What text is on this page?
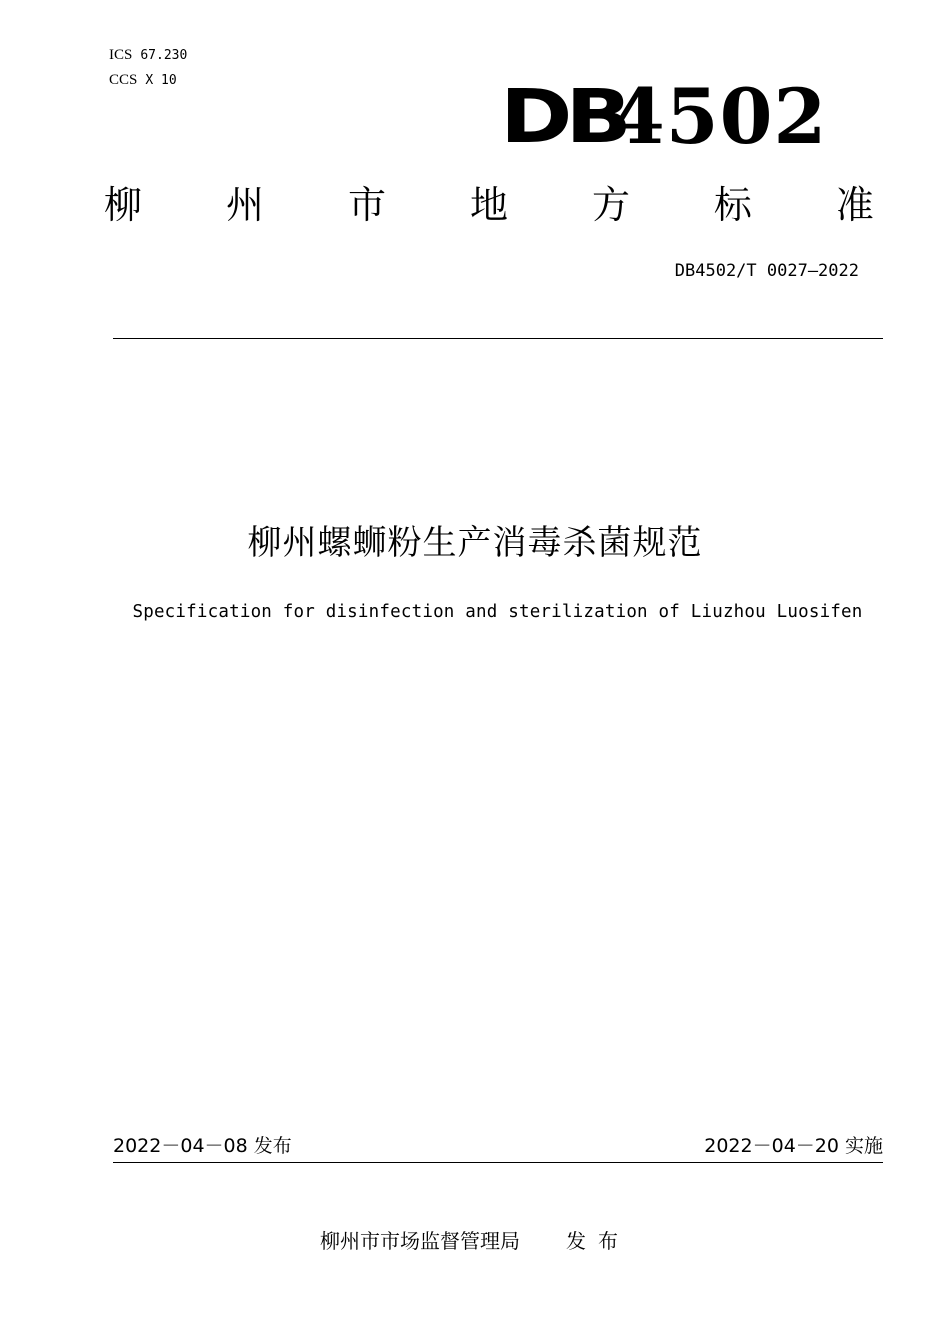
ICS 67.230
CCS X 10	DB4502
柳 州 市 地 方 标 准
DB4502/T 0027—2022
柳州螺蛳粉生产消毒杀菌规范
Specification for disinfection and sterilization of Liuzhou Luosifen
2022－04－08 发布	2022－04－20 实施
柳州市市场监督管理局 发布
